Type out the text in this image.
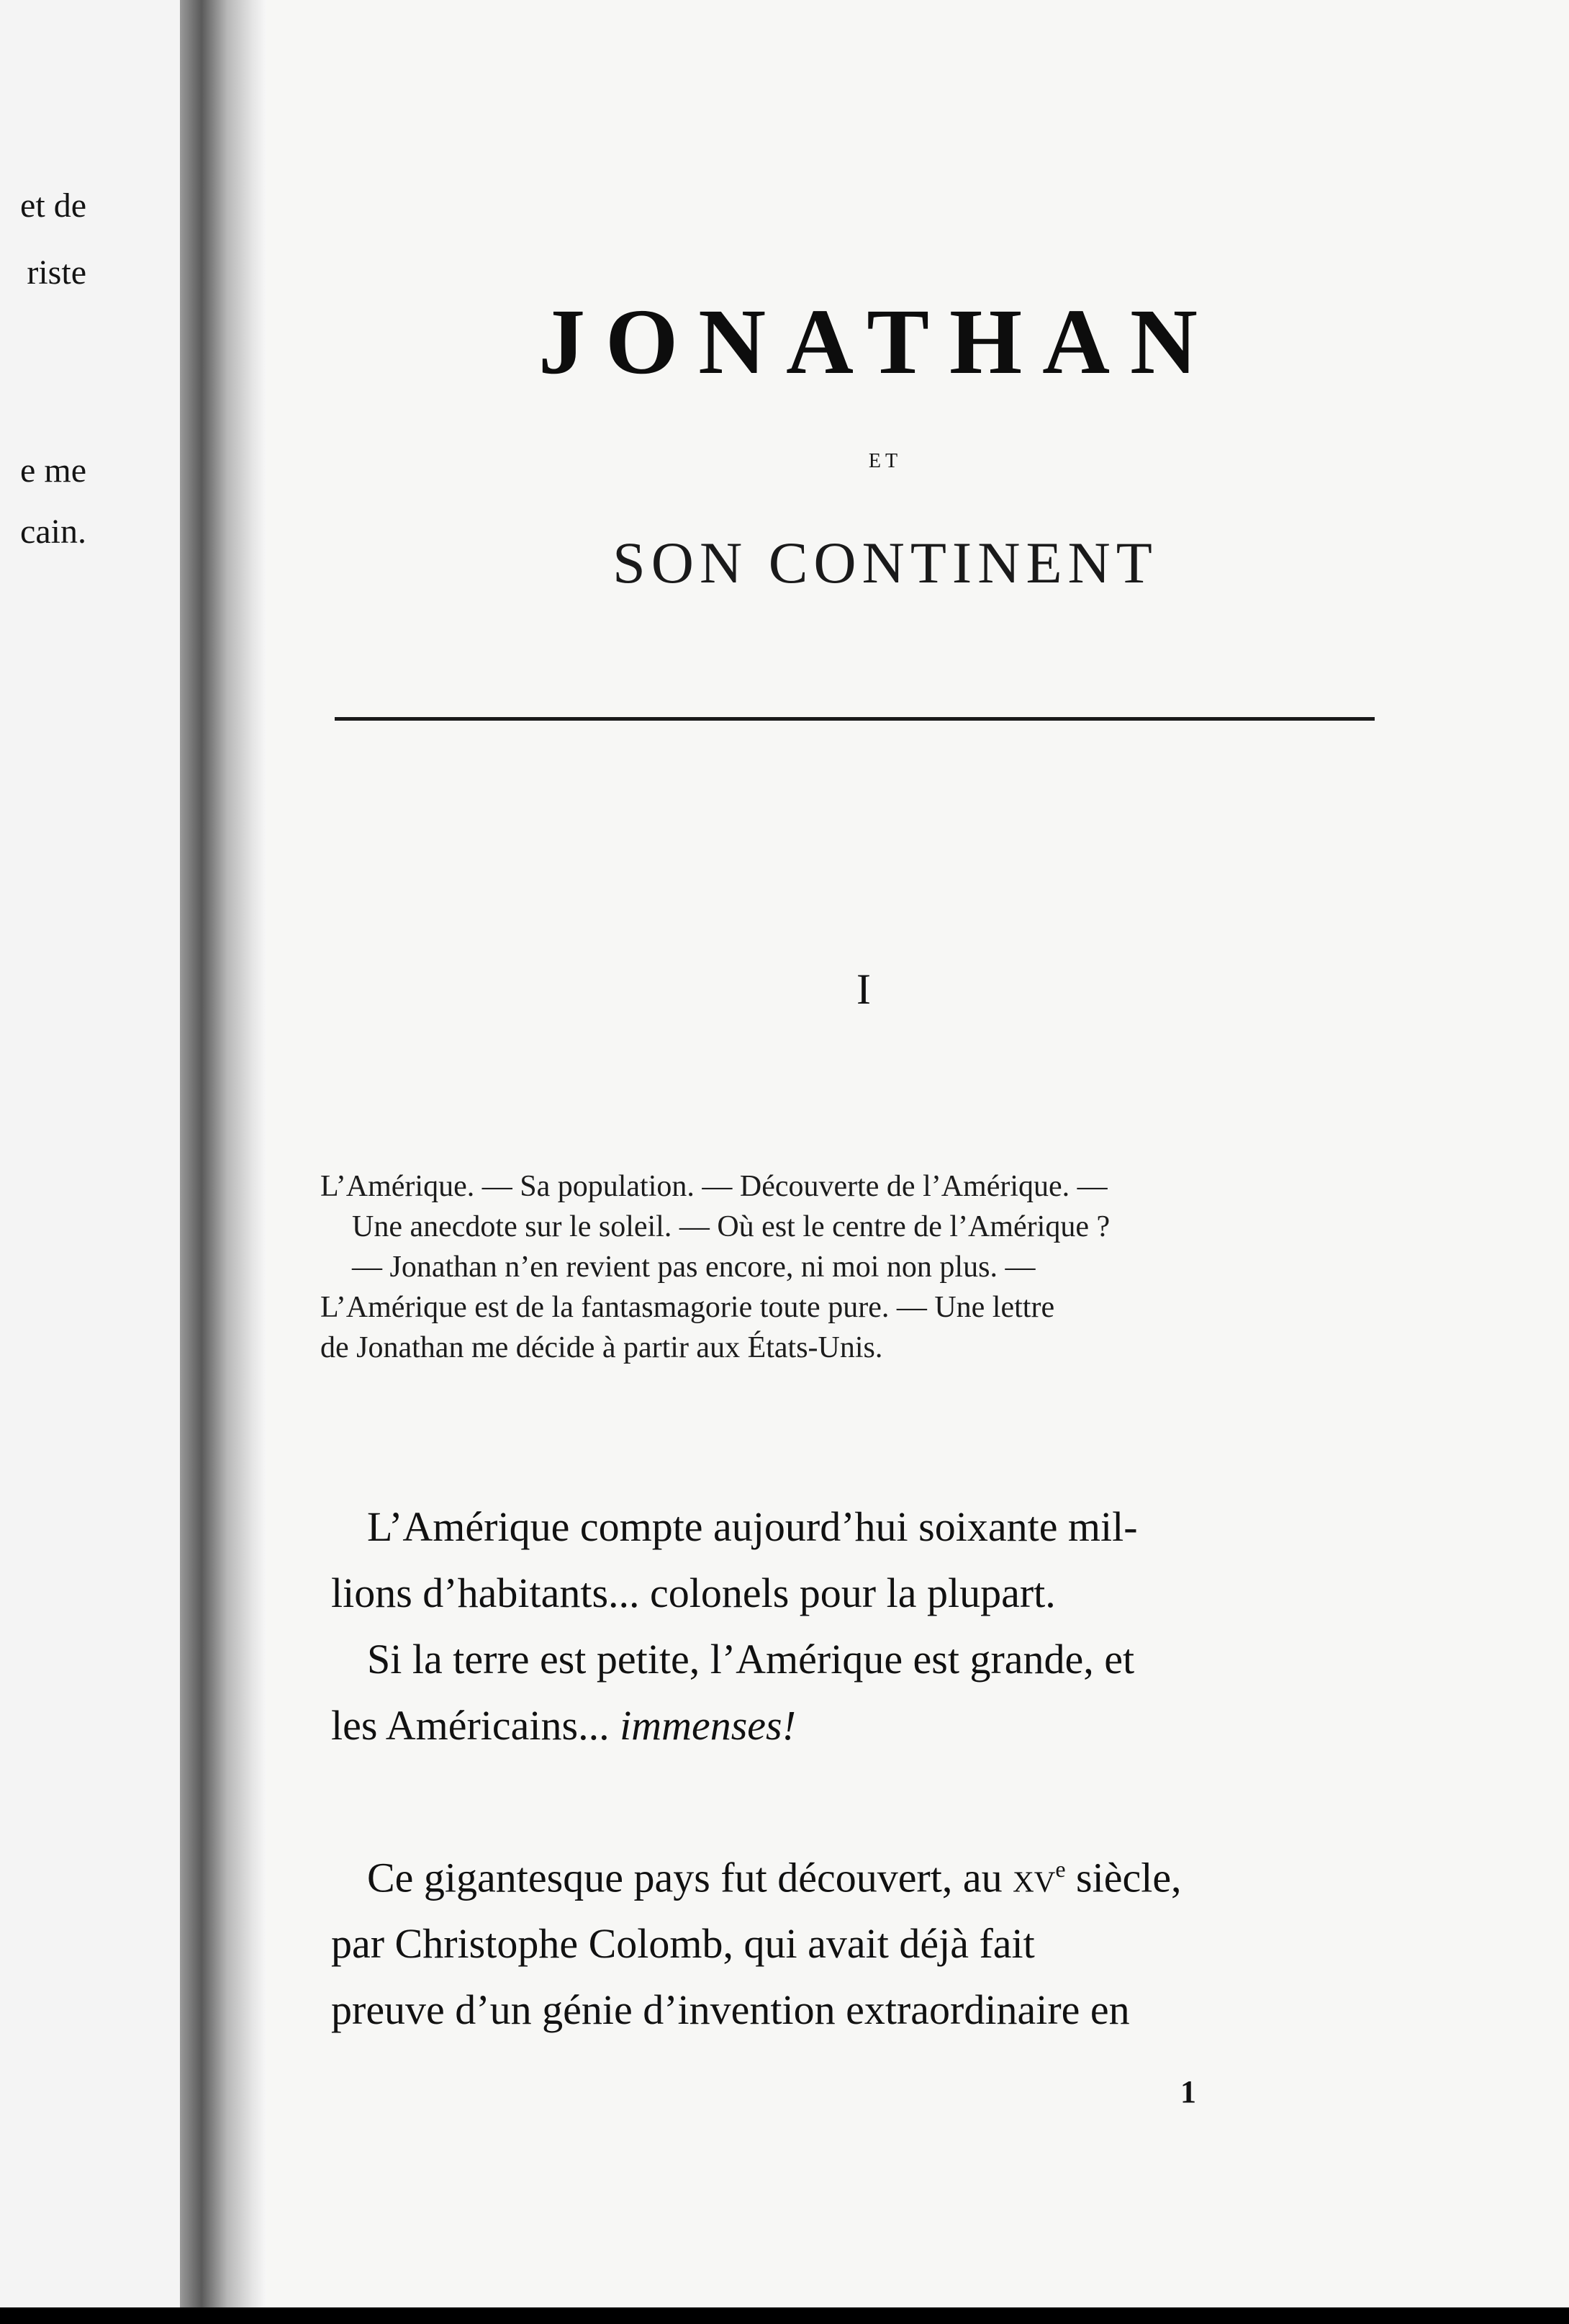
et de
riste
e me
cain.
JONATHAN
ET
SON CONTINENT
I
L’Amérique. — Sa population. — Découverte de l’Amérique. —
Une anecdote sur le soleil. — Où est le centre de l’Amérique ?
— Jonathan n’en revient pas encore, ni moi non plus. —
L’Amérique est de la fantasmagorie toute pure. — Une lettre
de Jonathan me décide à partir aux États-Unis.
L’Amérique compte aujourd’hui soixante mil-
lions d’habitants... colonels pour la plupart.
Si la terre est petite, l’Amérique est grande, et
les Américains... immenses!
Ce gigantesque pays fut découvert, au $xv^e$ siècle,
par Christophe Colomb, qui avait déjà fait
preuve d’un génie d’invention extraordinaire en
1
